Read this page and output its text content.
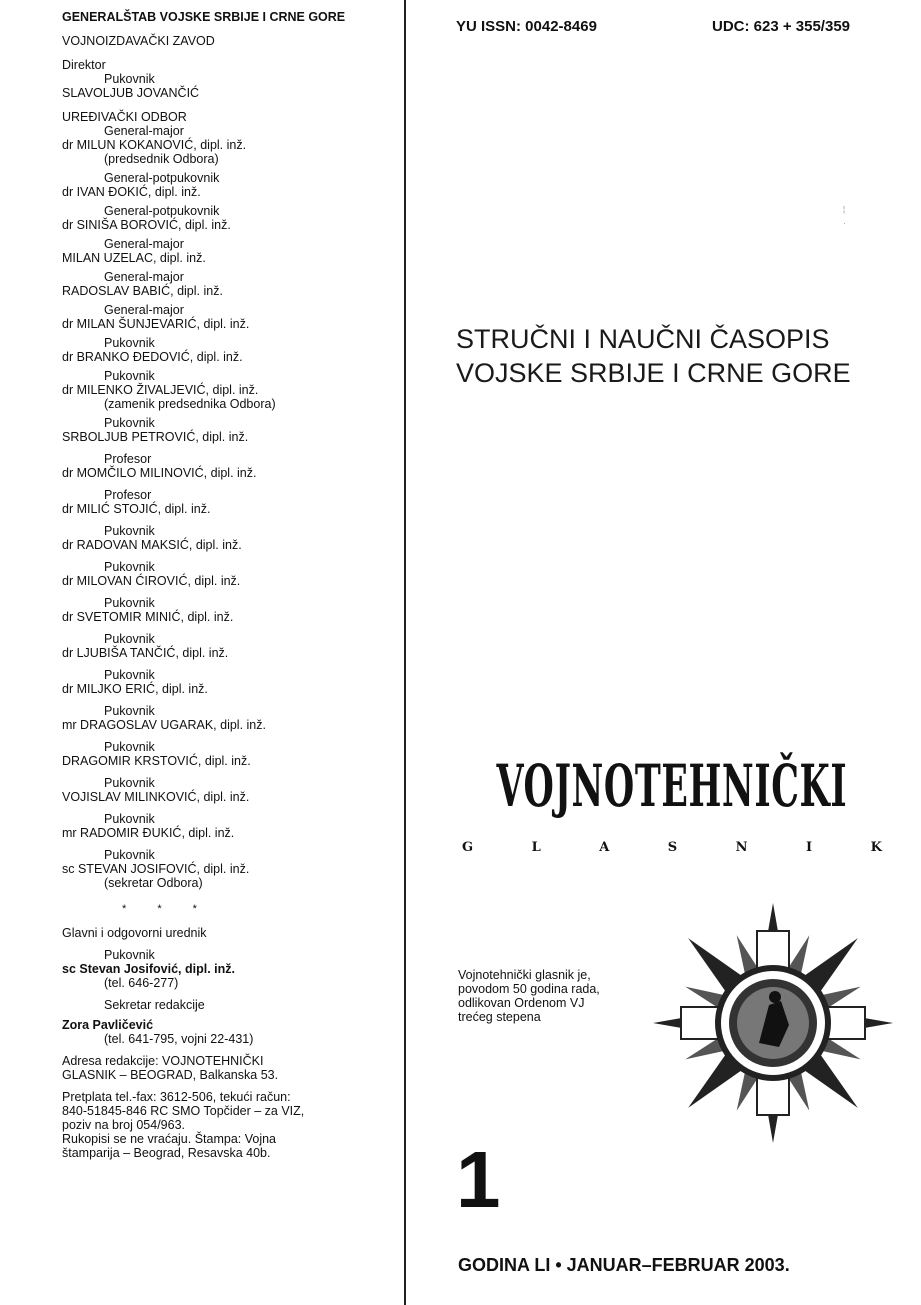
GENERALŠTAB VOJSKE SRBIJE I CRNE GORE
VOJNOIZDAVAČKI ZAVOD
Direktor
Pukovnik
SLAVOLJUB JOVANČIĆ
UREĐIVAČKI ODBOR
General-major
dr MILUN KOKANOVIĆ, dipl. inž.
(predsednik Odbora)
General-potpukovnik
dr IVAN ĐOKIĆ, dipl. inž.
General-potpukovnik
dr SINIŠA BOROVIĆ, dipl. inž.
General-major
MILAN UZELAC, dipl. inž.
General-major
RADOSLAV BABIĆ, dipl. inž.
General-major
dr MILAN ŠUNJEVARIĆ, dipl. inž.
Pukovnik
dr BRANKO ĐEDOVIĆ, dipl. inž.
Pukovnik
dr MILENKO ŽIVALJEVIĆ, dipl. inž.
(zamenik predsednika Odbora)
Pukovnik
SRBOLJUB PETROVIĆ, dipl. inž.
Profesor
dr MOMČILO MILINOVIĆ, dipl. inž.
Profesor
dr MILIĆ STOJIĆ, dipl. inž.
Pukovnik
dr RADOVAN MAKSIĆ, dipl. inž.
Pukovnik
dr MILOVAN ĆIROVIĆ, dipl. inž.
Pukovnik
dr SVETOMIR MINIĆ, dipl. inž.
Pukovnik
dr LJUBIŠA TANČIĆ, dipl. inž.
Pukovnik
dr MILJKO ERIĆ, dipl. inž.
Pukovnik
mr DRAGOSLAV UGARAK, dipl. inž.
Pukovnik
DRAGOMIR KRSTOVIĆ, dipl. inž.
Pukovnik
VOJISLAV MILINKOVIĆ, dipl. inž.
Pukovnik
mr RADOMIR ĐUKIĆ, dipl. inž.
Pukovnik
sc STEVAN JOSIFOVIĆ, dipl. inž.
(sekretar Odbora)
* * *
Glavni i odgovorni urednik
Pukovnik
sc Stevan Josifović, dipl. inž.
(tel. 646-277)
Sekretar redakcije
Zora Pavličević
(tel. 641-795, vojni 22-431)
Adresa redakcije: VOJNOTEHNIČKI
GLASNIK – BEOGRAD, Balkanska 53.
Pretplata tel.-fax: 3612-506, tekući račun:
840-51845-846 RC SMO Topčider – za VIZ,
poziv na broj 054/963.
Rukopisi se ne vraćaju. Štampa: Vojna
štamparija – Beograd, Resavska 40b.
YU ISSN: 0042-8469	UDC: 623 + 355/359
¦
·
STRUČNI I NAUČNI ČASOPIS
VOJSKE SRBIJE I CRNE GORE
VOJNOTEHNIČKI
G	L	A	S	N	I	K
Vojnotehnički glasnik je,
povodom 50 godina rada,
odlikovan Ordenom VJ
trećeg stepena
1
GODINA LI • JANUAR–FEBRUAR 2003.
